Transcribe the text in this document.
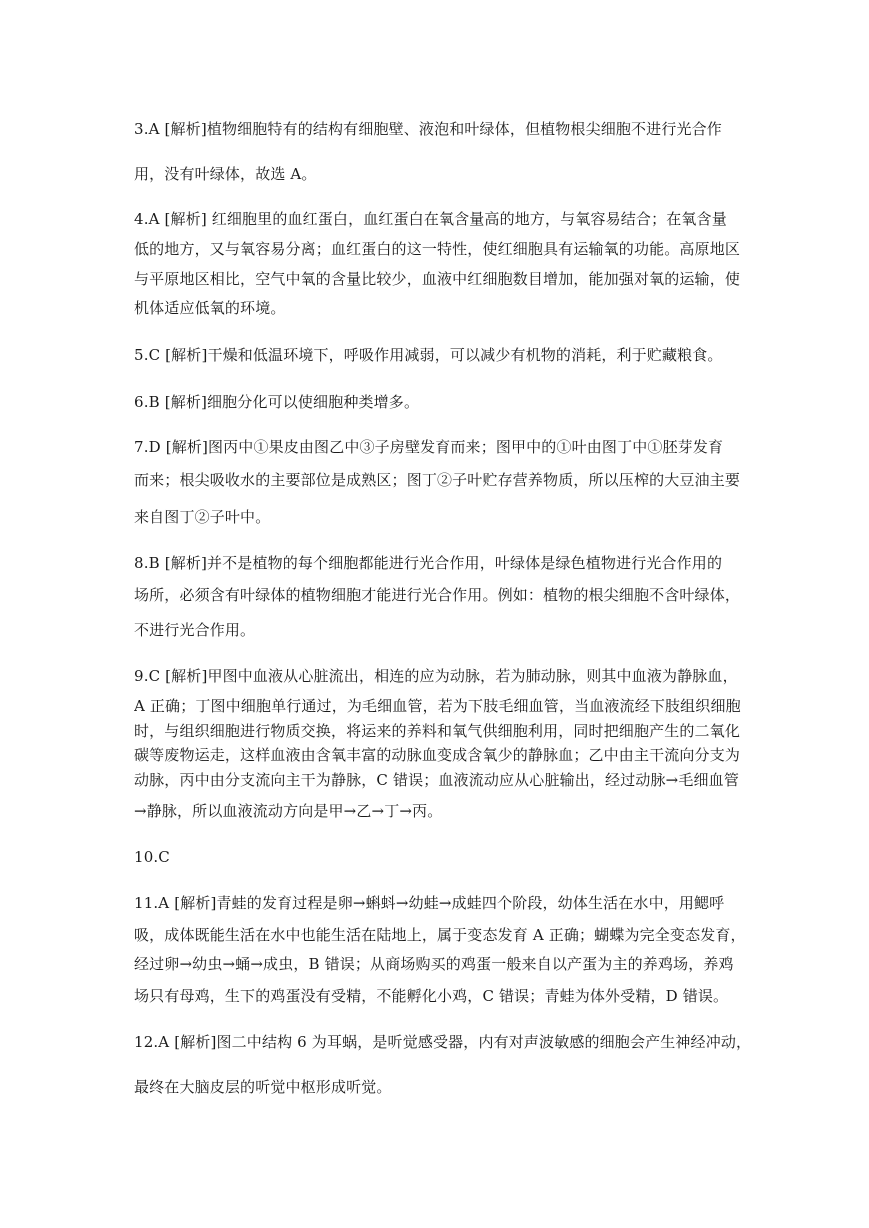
3.A [解析]植物细胞特有的结构有细胞壁、液泡和叶绿体，但植物根尖细胞不进行光合作
用，没有叶绿体，故选 A。
4.A [解析] 红细胞里的血红蛋白，血红蛋白在氧含量高的地方，与氧容易结合；在氧含量
低的地方，又与氧容易分离；血红蛋白的这一特性，使红细胞具有运输氧的功能。高原地区
与平原地区相比，空气中氧的含量比较少，血液中红细胞数目增加，能加强对氧的运输，使
机体适应低氧的环境。
5.C [解析]干燥和低温环境下，呼吸作用减弱，可以减少有机物的消耗，利于贮藏粮食。
6.B [解析]细胞分化可以使细胞种类增多。
7.D [解析]图丙中①果皮由图乙中③子房壁发育而来；图甲中的①叶由图丁中①胚芽发育
而来；根尖吸收水的主要部位是成熟区；图丁②子叶贮存营养物质，所以压榨的大豆油主要
来自图丁②子叶中。
8.B [解析]并不是植物的每个细胞都能进行光合作用，叶绿体是绿色植物进行光合作用的
场所，必须含有叶绿体的植物细胞才能进行光合作用。例如：植物的根尖细胞不含叶绿体，
不进行光合作用。
9.C [解析]甲图中血液从心脏流出，相连的应为动脉，若为肺动脉，则其中血液为静脉血，
A 正确；丁图中细胞单行通过，为毛细血管，若为下肢毛细血管，当血液流经下肢组织细胞
时，与组织细胞进行物质交换，将运来的养料和氧气供细胞利用，同时把细胞产生的二氧化
碳等废物运走，这样血液由含氧丰富的动脉血变成含氧少的静脉血；乙中由主干流向分支为
动脉，丙中由分支流向主干为静脉，C 错误；血液流动应从心脏输出，经过动脉→毛细血管
→静脉，所以血液流动方向是甲→乙→丁→丙。
10.C
11.A [解析]青蛙的发育过程是卵→蝌蚪→幼蛙→成蛙四个阶段，幼体生活在水中，用鳃呼
吸，成体既能生活在水中也能生活在陆地上，属于变态发育 A 正确；蝴蝶为完全变态发育，
经过卵→幼虫→蛹→成虫，B 错误；从商场购买的鸡蛋一般来自以产蛋为主的养鸡场，养鸡
场只有母鸡，生下的鸡蛋没有受精，不能孵化小鸡，C 错误；青蛙为体外受精，D 错误。
12.A [解析]图二中结构 6 为耳蜗，是听觉感受器，内有对声波敏感的细胞会产生神经冲动，
最终在大脑皮层的听觉中枢形成听觉。
